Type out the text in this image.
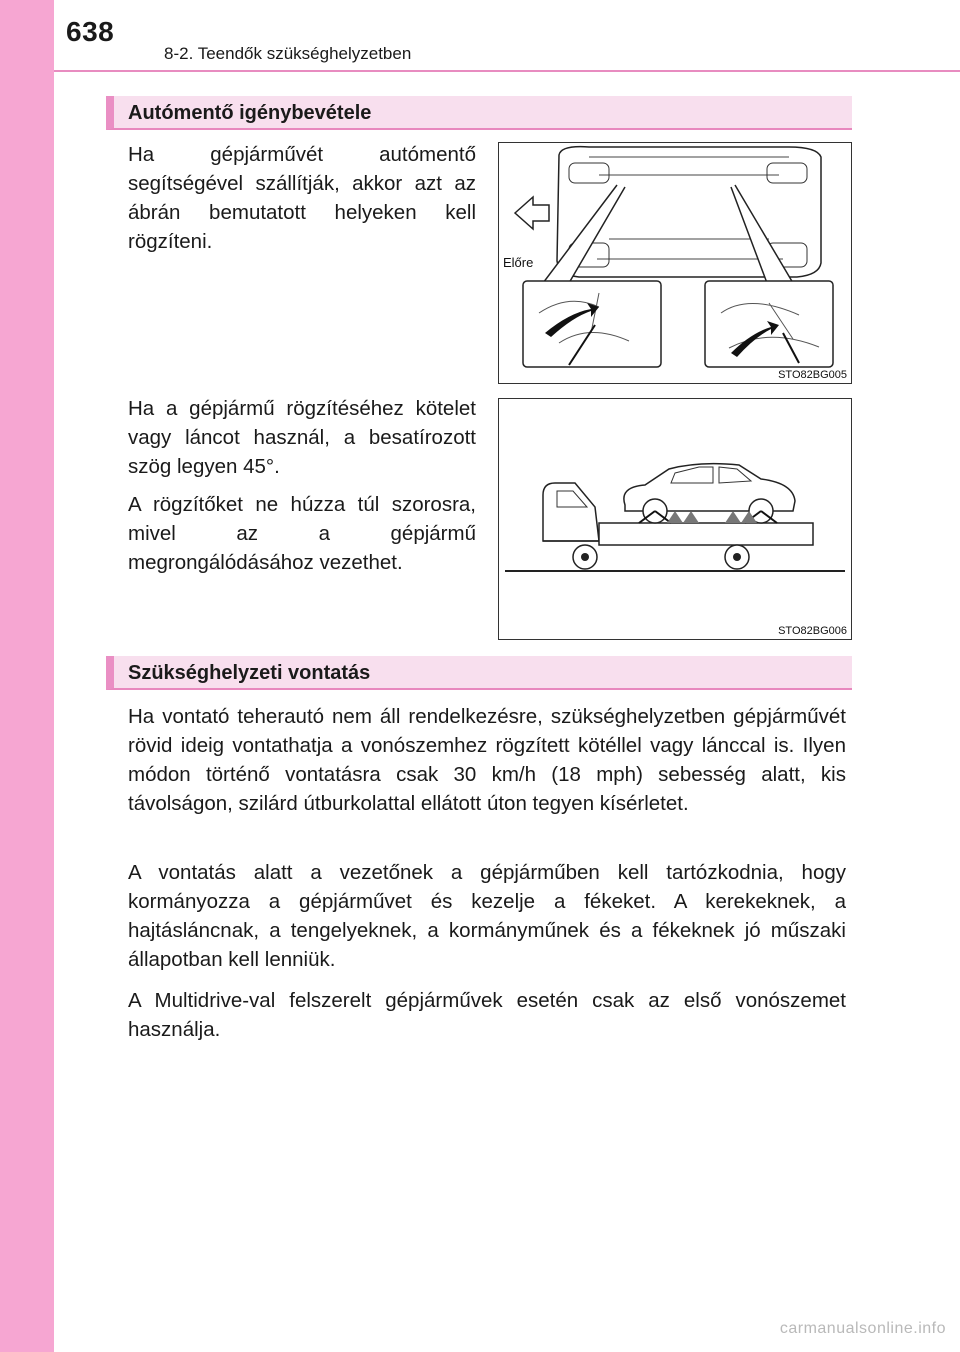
638
8-2. Teendők szükséghelyzetben
Autómentő igénybevétele

Ha gépjárművét autómentő segítségével szállítják, akkor azt az ábrán bemutatott helyeken kell rögzíteni.

Előre
STO82BG005

Ha a gépjármű rögzítéséhez kötelet vagy láncot használ, a besatírozott szög legyen 45°.

A rögzítőket ne húzza túl szorosra, mivel az a gépjármű megrongálódásához vezethet.

STO82BG006
Szükséghelyzeti vontatás

Ha vontató teherautó nem áll rendelkezésre, szükséghelyzetben gépjárművét rövid ideig vontathatja a vonószemhez rögzített kötéllel vagy lánccal is. Ilyen módon történő vontatásra csak 30 km/h (18 mph) sebesség alatt, kis távolságon, szilárd útburkolattal ellátott úton tegyen kísérletet.

A vontatás alatt a vezetőnek a gépjárműben kell tartózkodnia, hogy kormányozza a gépjárművet és kezelje a fékeket. A kerekeknek, a hajtásláncnak, a tengelyeknek, a kormányműnek és a fékeknek jó műszaki állapotban kell lenniük.

A Multidrive-val felszerelt gépjárművek esetén csak az első vonószemet használja.

carmanualsonline.info
